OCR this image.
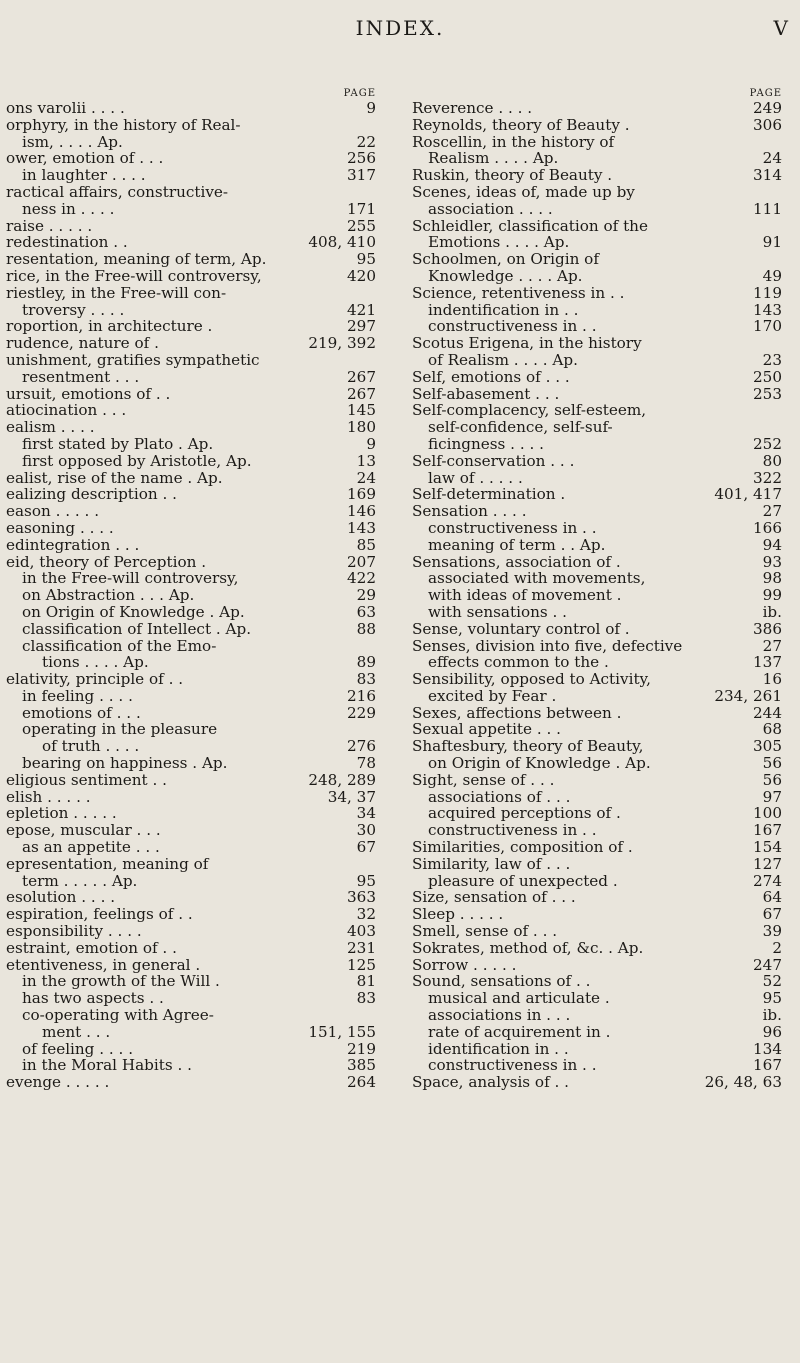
INDEX.	V
PAGE
ons varolii . . . .	9
orphyry, in the history of Real-
ism, . . . . Ap.	22
ower, emotion of . . .	256
in laughter . . . .	317
ractical affairs, constructive-
ness in . . . .	171
raise . . . . .	255
redestination . .	408, 410
resentation, meaning of term, Ap.	95
rice, in the Free-will controversy,	420
riestley, in the Free-will con-
troversy . . . .	421
roportion, in architecture .	297
rudence, nature of .	219, 392
unishment, gratifies sympathetic
resentment . . .	267
ursuit, emotions of . .	267
atiocination . . .	145
ealism . . . .	180
first stated by Plato . Ap.	9
first opposed by Aristotle, Ap.	13
ealist, rise of the name . Ap.	24
ealizing description . .	169
eason . . . . .	146
easoning . . . .	143
edintegration . . .	85
eid, theory of Perception .	207
in the Free-will controversy,	422
on Abstraction . . . Ap.	29
on Origin of Knowledge . Ap.	63
classification of Intellect . Ap.	88
classification of the Emo-
tions . . . . Ap.	89
elativity, principle of . .	83
in feeling . . . .	216
emotions of . . .	229
operating in the pleasure
of truth . . . .	276
bearing on happiness . Ap.	78
eligious sentiment . .	248, 289
elish . . . . .	34, 37
epletion . . . . .	34
epose, muscular . . .	30
as an appetite . . .	67
epresentation, meaning of
term . . . . . Ap.	95
esolution . . . .	363
espiration, feelings of . .	32
esponsibility . . . .	403
estraint, emotion of . .	231
etentiveness, in general .	125
in the growth of the Will .	81
has two aspects . .	83
co-operating with Agree-
ment . . .	151, 155
of feeling . . . .	219
in the Moral Habits . .	385
evenge . . . . .	264
PAGE
Reverence . . . .	249
Reynolds, theory of Beauty .	306
Roscellin, in the history of
Realism . . . . Ap.	24
Ruskin, theory of Beauty .	314
Scenes, ideas of, made up by
association . . . .	111
Schleidler, classification of the
Emotions . . . . Ap.	91
Schoolmen, on Origin of
Knowledge . . . . Ap.	49
Science, retentiveness in . .	119
indentification in . .	143
constructiveness in . .	170
Scotus Erigena, in the history
of Realism . . . . Ap.	23
Self, emotions of . . .	250
Self-abasement . . .	253
Self-complacency, self-esteem,
self-confidence, self-suf-
ficingness . . . .	252
Self-conservation . . .	80
law of . . . . .	322
Self-determination .	401, 417
Sensation . . . .	27
constructiveness in . .	166
meaning of term . . Ap.	94
Sensations, association of .	93
associated with movements,	98
with ideas of movement .	99
with sensations . .	ib.
Sense, voluntary control of .	386
Senses, division into five, defective	27
effects common to the .	137
Sensibility, opposed to Activity,	16
excited by Fear .	234, 261
Sexes, affections between .	244
Sexual appetite . . .	68
Shaftesbury, theory of Beauty,	305
on Origin of Knowledge . Ap.	56
Sight, sense of . . .	56
associations of . . .	97
acquired perceptions of .	100
constructiveness in . .	167
Similarities, composition of .	154
Similarity, law of . . .	127
pleasure of unexpected .	274
Size, sensation of . . .	64
Sleep . . . . .	67
Smell, sense of . . .	39
Sokrates, method of, &c. . Ap.	2
Sorrow . . . . .	247
Sound, sensations of . .	52
musical and articulate .	95
associations in . . .	ib.
rate of acquirement in .	96
identification in . .	134
constructiveness in . .	167
Space, analysis of . .	26, 48, 63
